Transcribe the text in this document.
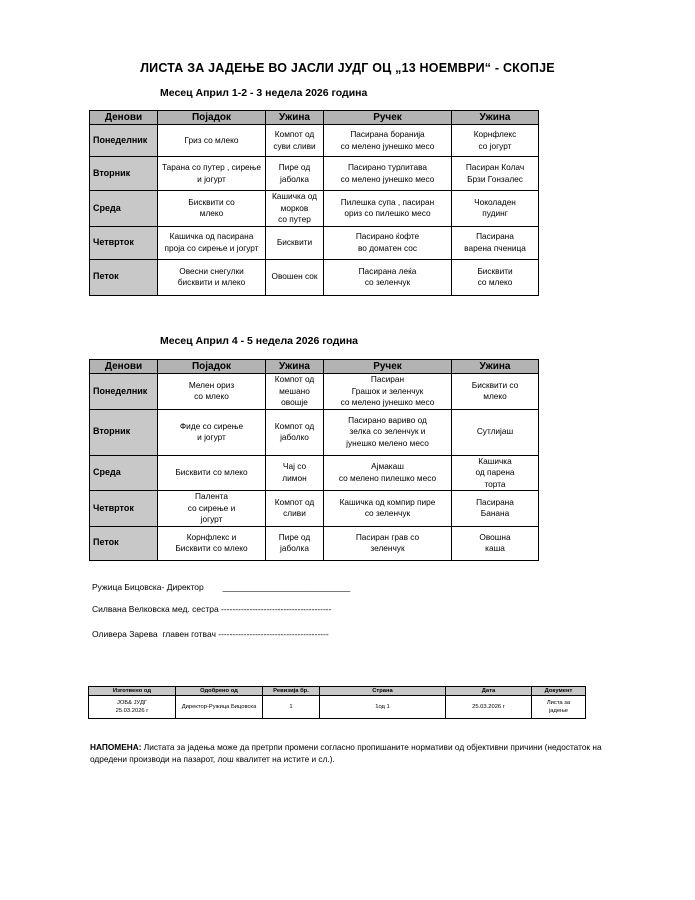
ЛИСТА ЗА ЈАДЕЊЕ ВО ЈАСЛИ ЈУДГ ОЦ „13 НОЕМВРИ“ - СКОПЈЕ
Месец Април 1-2 - 3 недела 2026 година
Денови	Појадок	Ужина	Ручек	Ужина
Понеделник	Гриз со млеко	Компот од
суви сливи	Пасирана боранија
со мелено јунешко месо	Корнфлекс
со јогурт

Вторник	Тарана со путер , сирење
и јогурт	Пире од
јаболка	Пасирано турлитава
со мелено јунешко месо	Пасиран Колач
Брзи Гонзалес

Среда	Бисквити со
млеко	Кашичка од
морков
со путер	Пилешка супа , пасиран
ориз со пилешко месо	Чоколаден
пудинг

Четврток	Кашичка од пасирана
проја со сирење и јогурт	Бисквити	Пасирано ќофте
во доматен сос	Пасирана
варена пченица

Петок	Овесни снегулки
бисквити и млеко	Овошен сок	Пасирана леќа
со зеленчук	Бисквити
со млеко
Месец Април 4 - 5 недела 2026 година
Денови	Појадок	Ужина	Ручек	Ужина
Понеделник	Мелен ориз
со млеко	Компот од
мешано
овошје	Пасиран
Грашок и зеленчук
со мелено јунешко месо	Бисквити со
млеко

Вторник	Фиде со сирење
и јогурт	Компот од
јаболко	Пасирано вариво од
зелка со зеленчук и
јунешко мелено месо	Сутлијаш

Среда	Бисквити со млеко	Чај со
лимон	Ајмакаш
со мелено пилешко месо	Кашичка
од парена
торта

Четврток	Палента
со сирење и
јогурт	Компот од
сливи	Кашичка од компир пире
со зеленчук	Пасирана
Банана

Петок	Корнфлекс и
Бисквити со млеко	Пире од
јаболка	Пасиран грав со
зеленчук	Овошна
каша
Ружица Бицовска- Директор        ___________________________
Силвана Велковска мед. сестра ---------------------------------------
Оливера Зарева  главен готвач ---------------------------------------
Изготвено од	Одобрено од	Ревизија бр.	Страна	Дата	Документ

ЈОБ& ЈУДГ
25.03.2026 г	Директор-Ружица Бицовска	1	1од 1	25.03.2026 г	Листа за
јадење
НАПОМЕНА: Листата за јадења може да претрпи промени согласно пропишаните нормативи од објективни причини (недостаток на одредени производи на пазарот, лош квалитет на истите и сл.).
